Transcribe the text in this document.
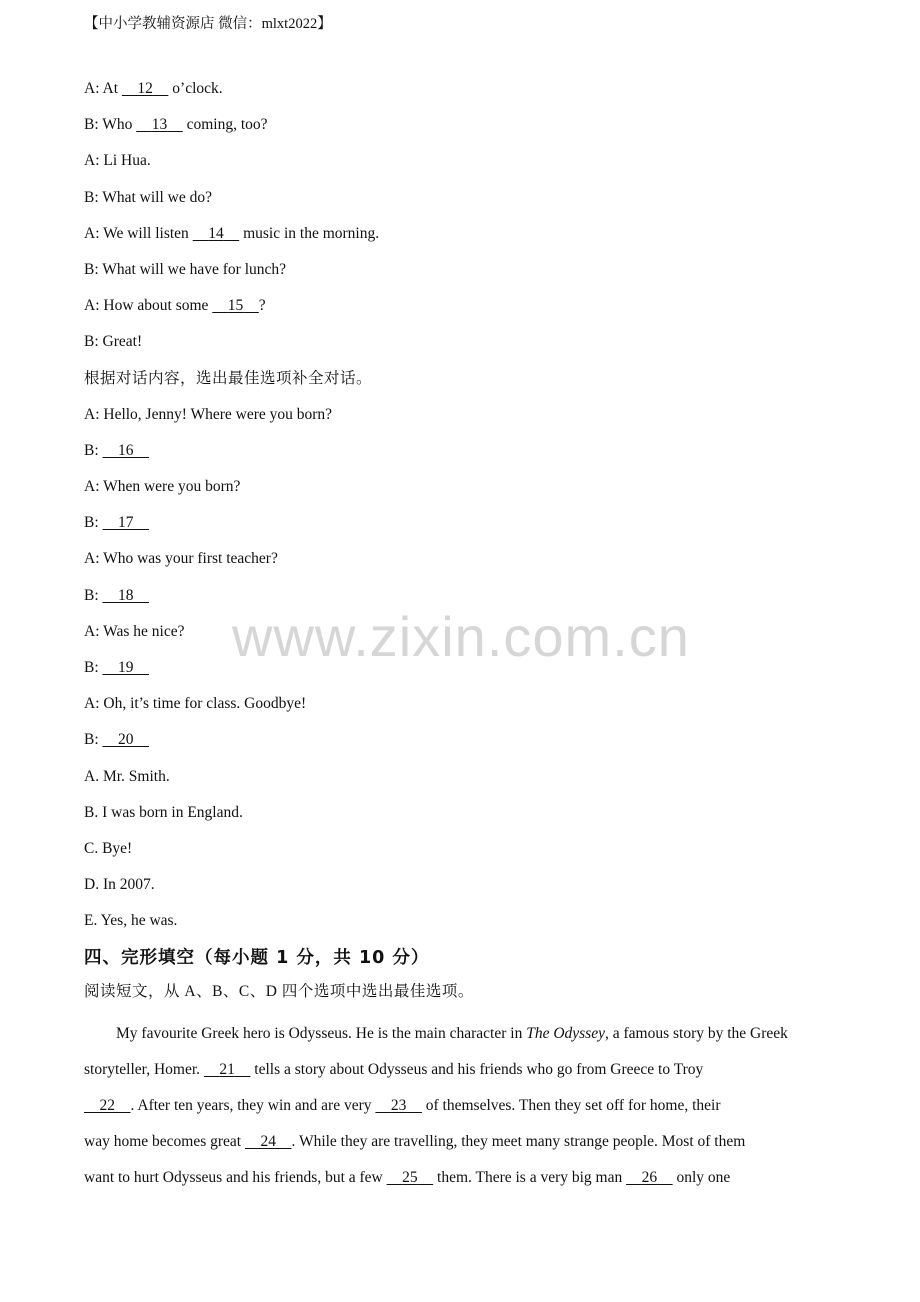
【中小学教辅资源店 微信：mlxt2022】
A: At     12     o’clock.
B: Who     13     coming, too?
A: Li Hua.
B: What will we do?
A: We will listen     14     music in the morning.
B: What will we have for lunch?
A: How about some     15 ?
B: Great!
根据对话内容，选出最佳选项补全对话。
A: Hello, Jenny! Where were you born?
B:     16
A: When were you born?
B:     17
A: Who was your first teacher?
B:     18
A: Was he nice?
B:     19
A: Oh, it’s time for class. Goodbye!
B:     20
A. Mr. Smith.
B. I was born in England.
C. Bye!
D. In 2007.
E. Yes, he was.
四、完形填空（每小题 1 分，共 10 分）
阅读短文，从 A、B、C、D 四个选项中选出最佳选项。
My favourite Greek hero is Odysseus. He is the main character in The Odyssey, a famous story by the Greek
storyteller, Homer.     21     tells a story about Odysseus and his friends who go from Greece to Troy
22 . After ten years, they win and are very     23     of themselves. Then they set off for home, their
way home becomes great     24 . While they are travelling, they meet many strange people. Most of them
want to hurt Odysseus and his friends, but a few     25     them. There is a very big man     26     only one
www.zixin.com.cn
